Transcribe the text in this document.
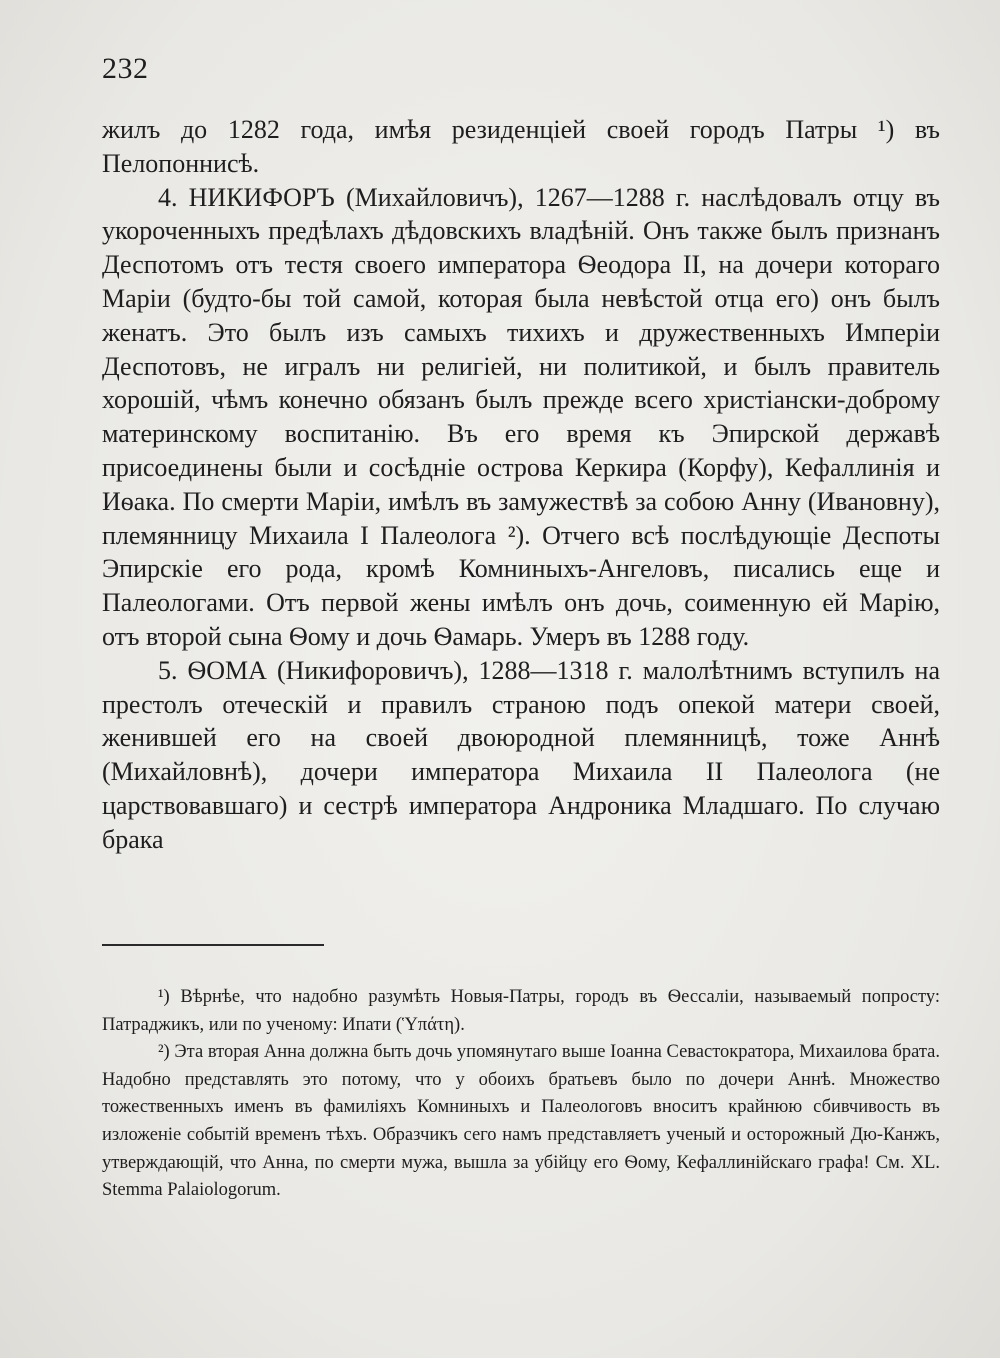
232

жилъ до 1282 года, имѣя резиденціей своей городъ Патры ¹) въ Пелопоннисѣ.

4. НИКИФОРЪ (Михайловичъ), 1267—1288 г. наслѣдовалъ отцу въ укороченныхъ предѣлахъ дѣдовскихъ владѣній. Онъ также былъ признанъ Деспотомъ отъ тестя своего императора Ѳеодора II, на дочери котораго Маріи (будто-бы той самой, которая была невѣстой отца его) онъ былъ женатъ. Это былъ изъ самыхъ тихихъ и дружественныхъ Имперіи Деспотовъ, не игралъ ни религіей, ни политикой, и былъ правитель хорошій, чѣмъ конечно обязанъ былъ прежде всего христіански-доброму материнскому воспитанію. Въ его время къ Эпирской державѣ присоединены были и сосѣдніе острова Керкира (Корфу), Кефаллинія и Иѳака. По смерти Маріи, имѣлъ въ замужествѣ за собою Анну (Ивановну), племянницу Михаила I Палеолога ²). Отчего всѣ послѣдующіе Деспоты Эпирскіе его рода, кромѣ Комниныхъ-Ангеловъ, писались еще и Палеологами. Отъ первой жены имѣлъ онъ дочь, соименную ей Марію, отъ второй сына Ѳому и дочь Ѳамарь. Умеръ въ 1288 году.

5. ѲОМА (Никифоровичъ), 1288—1318 г. малолѣтнимъ вступилъ на престолъ отеческій и правилъ страною подъ опекой матери своей, женившей его на своей двоюродной племянницѣ, тоже Аннѣ (Михайловнѣ), дочери императора Михаила II Палеолога (не царствовавшаго) и сестрѣ императора Андроника Младшаго. По случаю брака

¹) Вѣрнѣе, что надобно разумѣть Новыя-Патры, городъ въ Ѳессаліи, называемый попросту: Патраджикъ, или по ученому: Ипати (Ὑπάτη).

²) Эта вторая Анна должна быть дочь упомянутаго выше Іоанна Севастократора, Михаилова брата. Надобно представлять это потому, что у обоихъ братьевъ было по дочери Аннѣ. Множество тожественныхъ именъ въ фамиліяхъ Комниныхъ и Палеологовъ вноситъ крайнюю сбивчивость въ изложеніе событій временъ тѣхъ. Образчикъ сего намъ представляетъ ученый и осторожный Дю-Канжъ, утверждающій, что Анна, по смерти мужа, вышла за убійцу его Ѳому, Кефаллинійскаго графа! См. XL. Stemma Palaiologorum.
